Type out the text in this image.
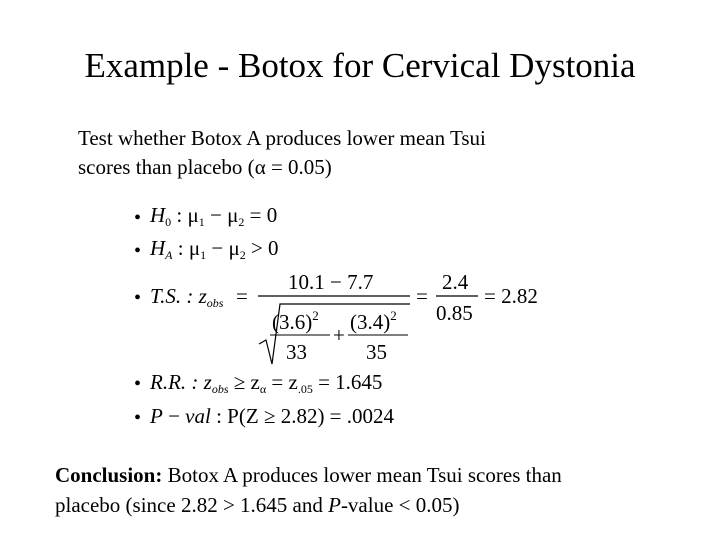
Example - Botox for Cervical Dystonia
Test whether Botox A produces lower mean Tsui
scores than placebo (α = 0.05)
• H0 : μ1 − μ2 = 0
• HA : μ1 − μ2 > 0
• T.S. : zobs =
10.1 − 7.7
$(3.6)^2$
33
+
$(3.4)^2$
35
=
2.4
0.85
= 2.82
• R.R. : zobs ≥ zα = z.05 = 1.645
• P − val : P(Z ≥ 2.82) = .0024
Conclusion: Botox A produces lower mean Tsui scores than
placebo (since 2.82 > 1.645 and P-value < 0.05)
